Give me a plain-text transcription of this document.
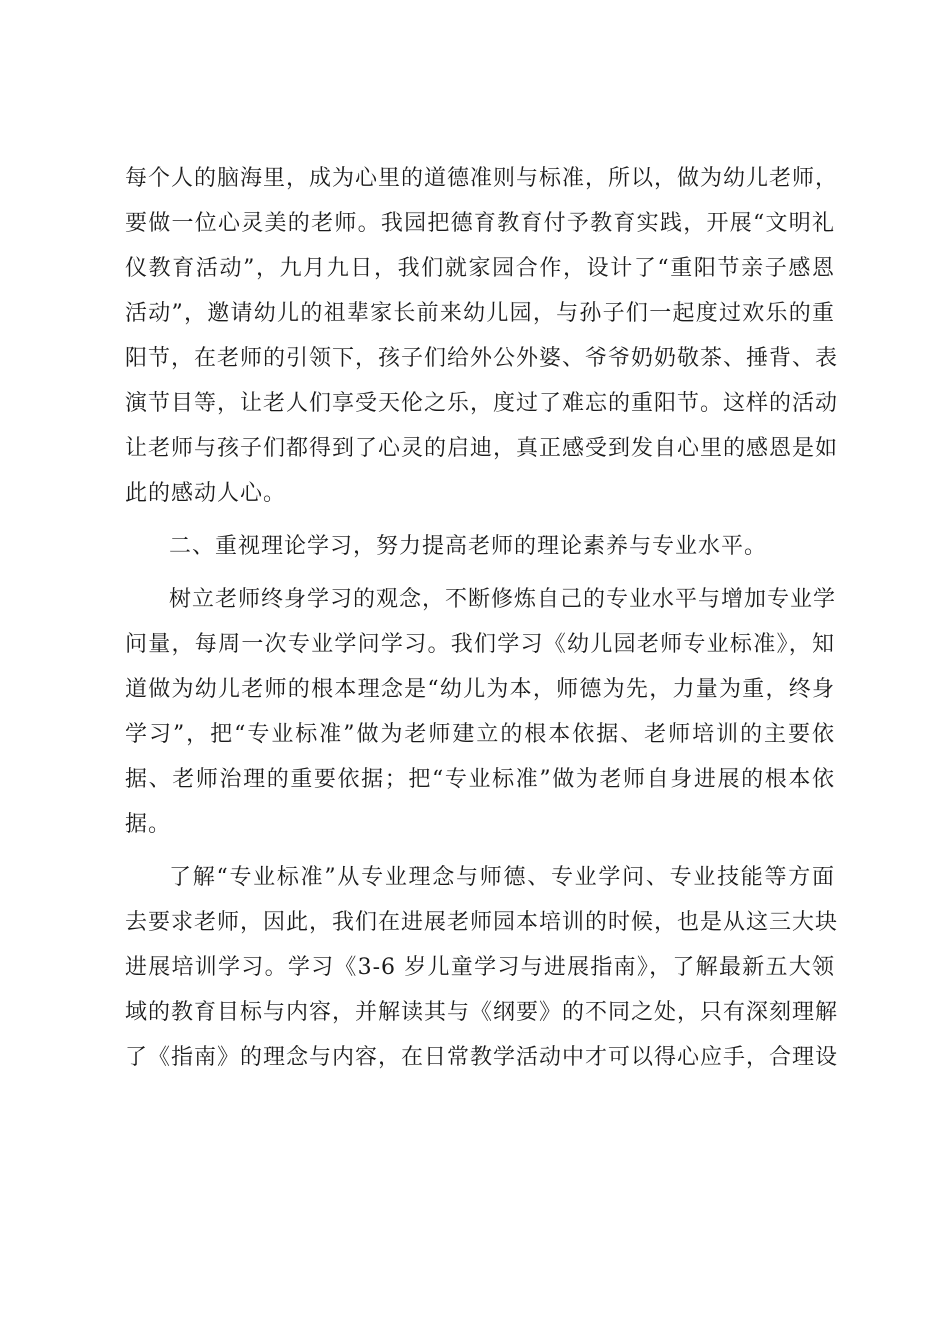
每个人的脑海里，成为心里的道德准则与标准，所以，做为幼儿老师，
要做一位心灵美的老师。我园把德育教育付予教育实践，开展“文明礼
仪教育活动”，九月九日，我们就家园合作，设计了“重阳节亲子感恩
活动”，邀请幼儿的祖辈家长前来幼儿园，与孙子们一起度过欢乐的重
阳节，在老师的引领下，孩子们给外公外婆、爷爷奶奶敬茶、捶背、表
演节目等，让老人们享受天伦之乐，度过了难忘的重阳节。这样的活动
让老师与孩子们都得到了心灵的启迪，真正感受到发自心里的感恩是如
此的感动人心。
二、重视理论学习，努力提高老师的理论素养与专业水平。
树立老师终身学习的观念，不断修炼自己的专业水平与增加专业学
问量，每周一次专业学问学习。我们学习《幼儿园老师专业标准》，知
道做为幼儿老师的根本理念是“幼儿为本，师德为先，力量为重，终身
学习”，把“专业标准”做为老师建立的根本依据、老师培训的主要依
据、老师治理的重要依据；把“专业标准”做为老师自身进展的根本依
据。
了解“专业标准”从专业理念与师德、专业学问、专业技能等方面
去要求老师，因此，我们在进展老师园本培训的时候，也是从这三大块
进展培训学习。学习《3-6 岁儿童学习与进展指南》，了解最新五大领
域的教育目标与内容，并解读其与《纲要》的不同之处，只有深刻理解
了《指南》的理念与内容，在日常教学活动中才可以得心应手，合理设
